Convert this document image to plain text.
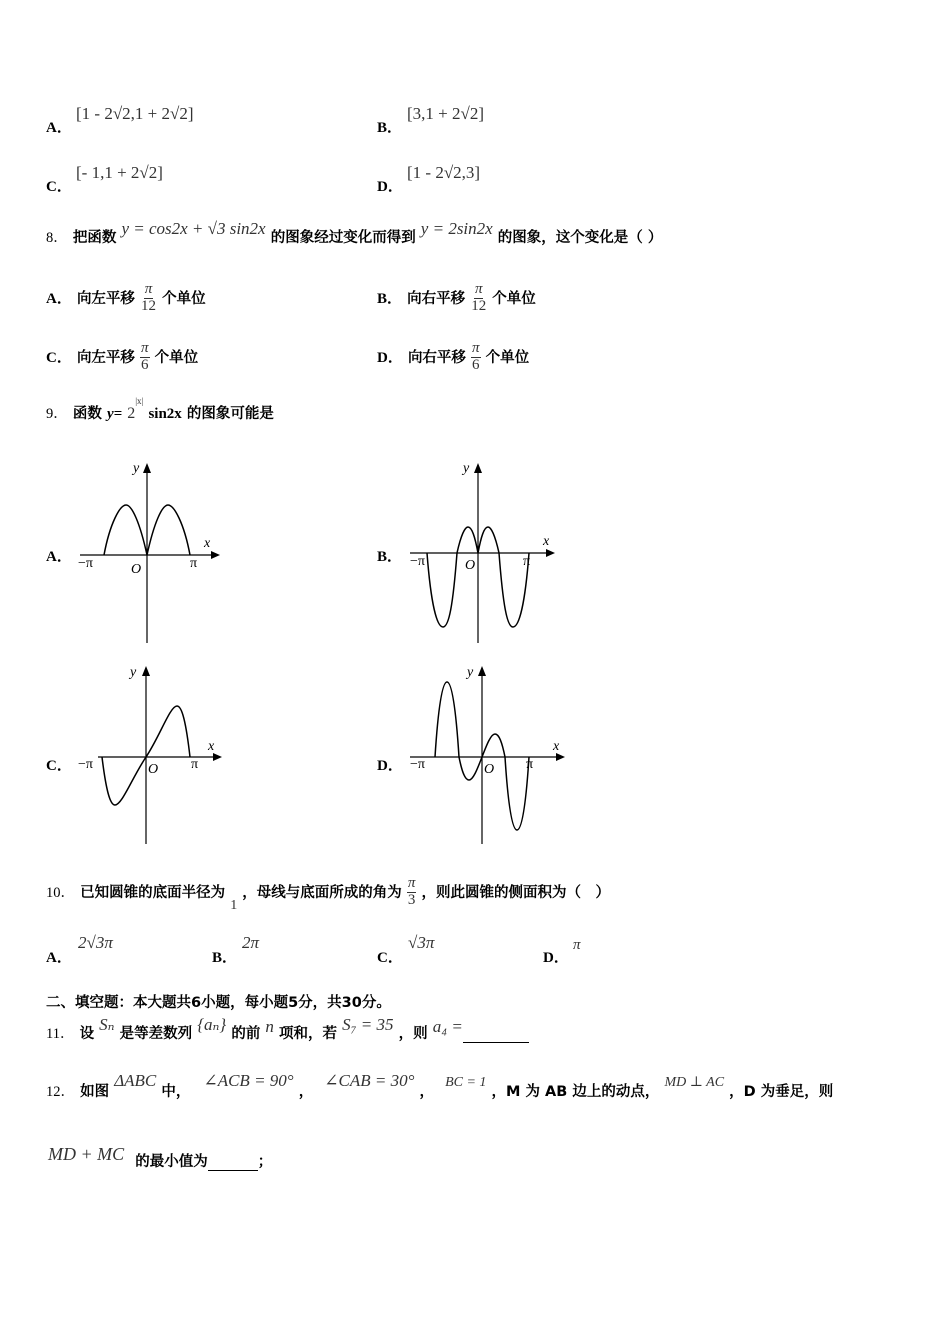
A．
[1 - 2√2,1 + 2√2]
B．
[3,1 + 2√2]
C．
[- 1,1 + 2√2]
D．
[1 - 2√2,3]
8． 把函数 y = cos2x + √3 sin2x 的图象经过变化而得到 y = 2sin2x 的图象，这个变化是（ ）
A． 向左平移 $\frac{\pi}{12}$ 个单位	B． 向右平移 $\frac{\pi}{12}$ 个单位
C． 向左平移 $\frac{\pi}{6}$ 个单位	D． 向右平移 $\frac{\pi}{6}$ 个单位
9． 函数 $y= 2^{|x|}$ sin2x 的图象可能是
A．	B．
C．	D．
y
x
O
−π	π
y
x
O
−π	π
y
x
O
−π	π
y
x
O
−π	π
10． 已知圆锥的底面半径为 1 ，母线与底面所成的角为 $\frac{\pi}{3}$ ，则此圆锥的侧面积为（　）
A．
2√3π
B．
2π
C．
√3π
D．
π
二、填空题：本大题共6小题，每小题5分，共30分。
11． 设 Sₙ 是等差数列 {aₙ} 的前 n 项和，若 S₇ = 35 ，则 a₄ =
12． 如图 ΔABC 中， ∠ACB = 90° ， ∠CAB = 30° ， BC = 1 ，M 为 AB 边上的动点， MD ⊥ AC ，D 为垂足，则
MD + MC 的最小值为	；
